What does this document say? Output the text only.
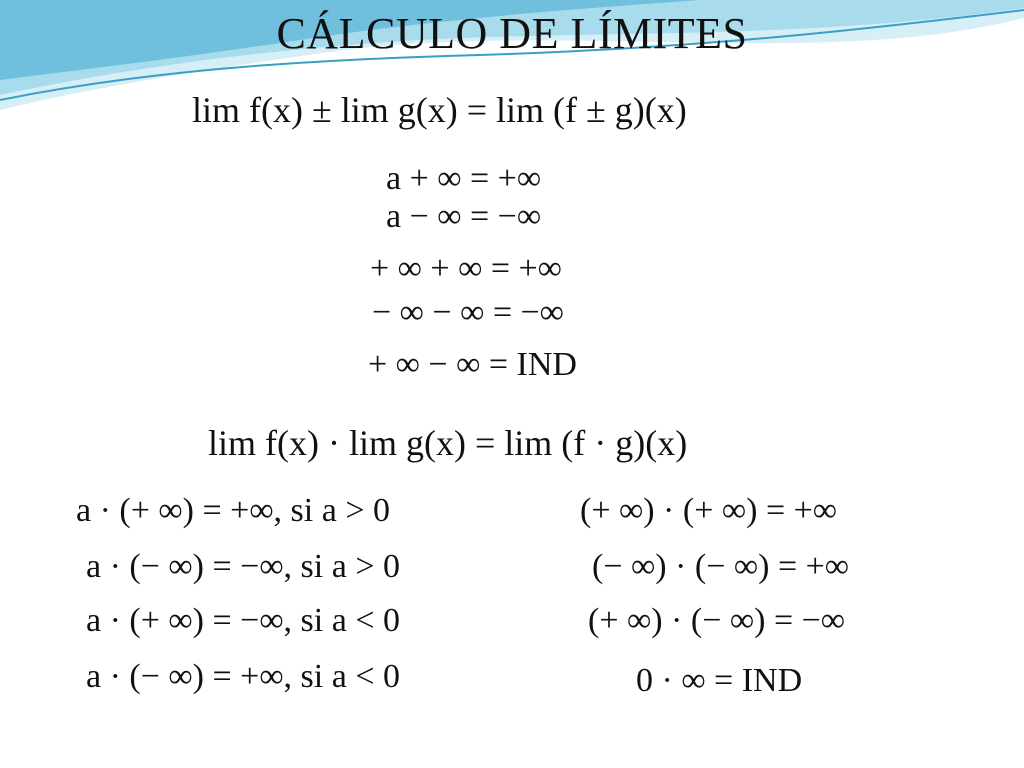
CÁLCULO DE LÍMITES
lim f(x) ± lim g(x) = lim (f ± g)(x)
a + ∞ = +∞
a − ∞ = −∞
+ ∞ + ∞ = +∞
− ∞ − ∞ = −∞
+ ∞ − ∞ = IND
lim f(x) · lim g(x) = lim (f · g)(x)
a · (+ ∞) = +∞, si a > 0
a · (− ∞) = −∞, si a > 0
a · (+ ∞) = −∞, si a < 0
a · (− ∞) = +∞, si a < 0
(+ ∞) · (+ ∞) = +∞
(− ∞) · (− ∞) = +∞
(+ ∞) · (− ∞) = −∞
0 · ∞ = IND
